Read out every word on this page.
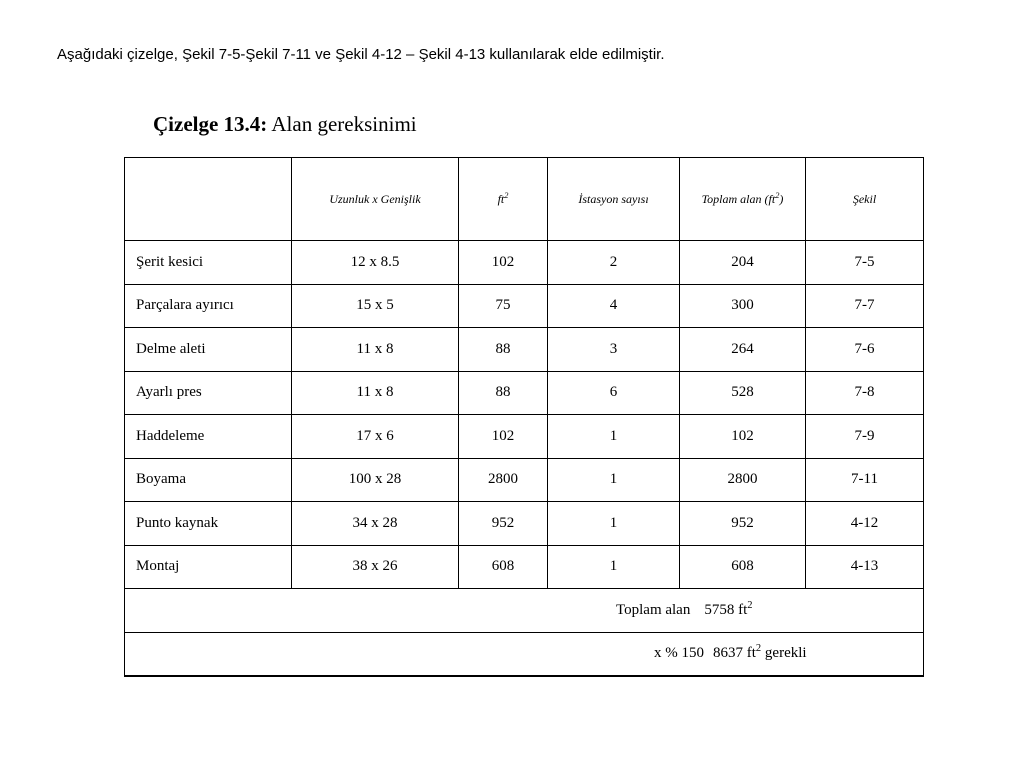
Aşağıdaki çizelge, Şekil 7-5-Şekil 7-11 ve Şekil 4-12 – Şekil 4-13 kullanılarak elde edilmiştir.
Çizelge 13.4: Alan gereksinimi
	Uzunluk x Genişlik	$ft^2$	İstasyon sayısı	Toplam alan $(ft^2)$	Şekil
Şerit kesici	12 x 8.5	102	2	204	7-5
Parçalara ayırıcı	15 x 5	75	4	300	7-7
Delme aleti	11 x 8	88	3	264	7-6
Ayarlı pres	11 x 8	88	6	528	7-8
Haddeleme	17 x 6	102	1	102	7-9
Boyama	100 x 28	2800	1	2800	7-11
Punto kaynak	34 x 28	952	1	952	4-12
Montaj	38 x 26	608	1	608	4-13
Toplam alan 5758 $ft^2$
x % 150 8637 $ft^2$ gerekli					
